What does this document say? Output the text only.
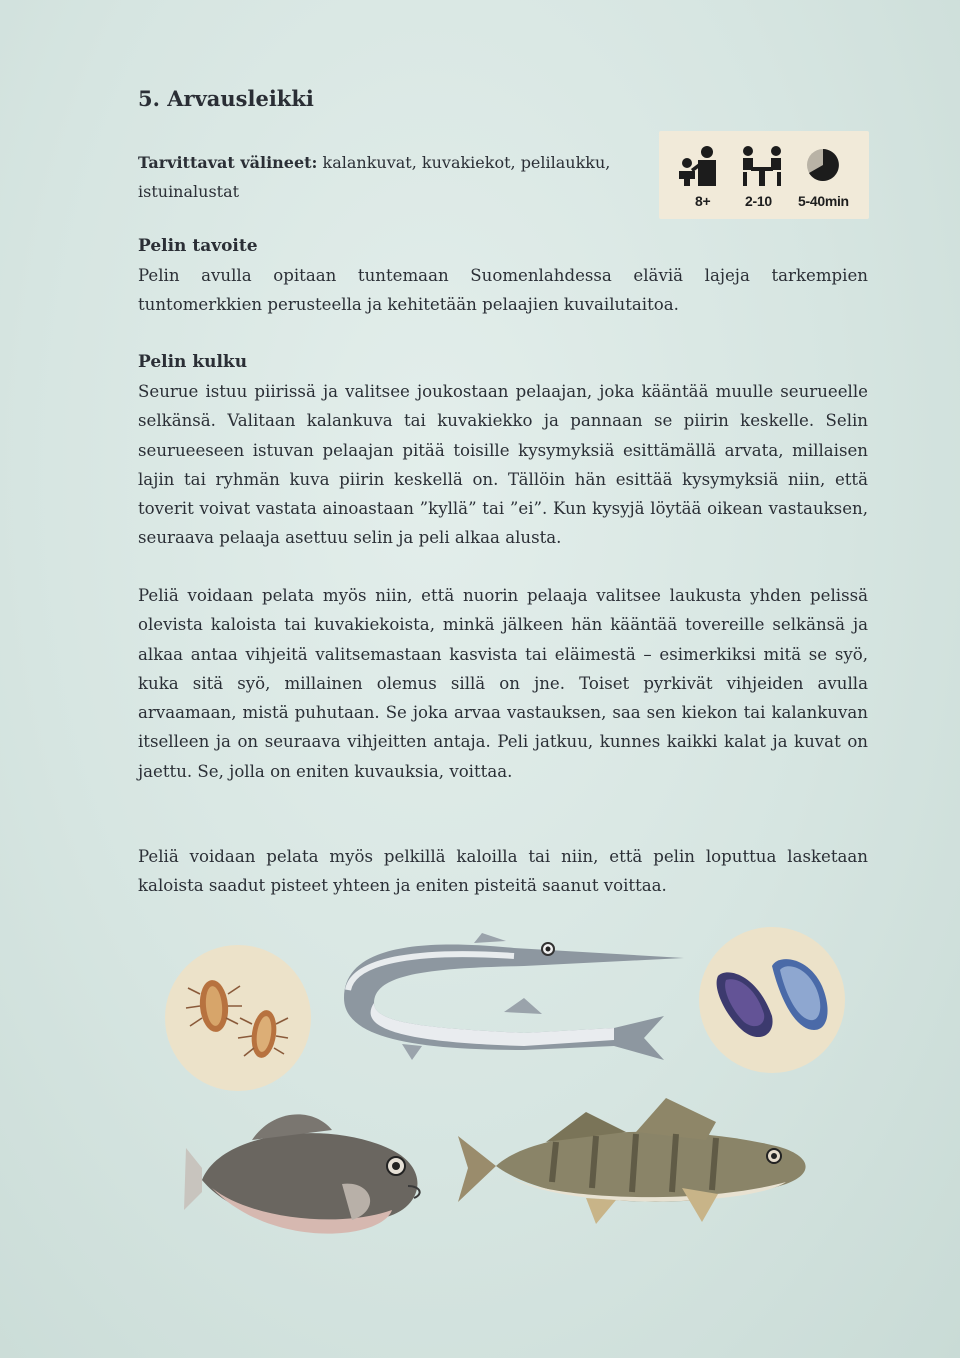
5. Arvausleikki
Tarvittavat välineet: kalankuvat, kuvakiekot, pelilaukku, istuinalustat	8+ 2-10 5-40min
Pelin tavoite

Pelin avulla opitaan tuntemaan Suomenlahdessa eläviä lajeja tarkempien tuntomerkkien perusteella ja kehitetään pelaajien kuvailutaitoa.

Pelin kulku

Seurue istuu piirissä ja valitsee joukostaan pelaajan, joka kääntää muulle seurueelle selkänsä. Valitaan kalankuva tai kuvakiekko ja pannaan se piirin keskelle. Selin seurueeseen istuvan pelaajan pitää toisille kysymyksiä esittämällä arvata, millaisen lajin tai ryhmän kuva piirin keskellä on. Tällöin hän esittää kysymyksiä niin, että toverit voivat vastata ainoastaan ”kyllä” tai ”ei”. Kun kysyjä löytää oikean vastauksen, seuraava pelaaja asettuu selin ja peli alkaa alusta.

Peliä voidaan pelata myös niin, että nuorin pelaaja valitsee laukusta yhden pelissä olevista kaloista tai kuvakiekoista, minkä jälkeen hän kääntää tovereille selkänsä ja alkaa antaa vihjeitä valitsemastaan kasvista tai eläimestä – esimerkiksi mitä se syö, kuka sitä syö, millainen olemus sillä on jne. Toiset pyrkivät vihjeiden avulla arvaamaan, mistä puhutaan. Se joka arvaa vastauksen, saa sen kiekon tai kalankuvan itselleen ja on seuraava vihjeitten antaja. Peli jatkuu, kunnes kaikki kalat ja kuvat on jaettu. Se, jolla on eniten kuvauksia, voittaa.

Peliä voidaan pelata myös pelkillä kaloilla tai niin, että pelin loputtua lasketaan kaloista saadut pisteet yhteen ja eniten pisteitä saanut voittaa.
